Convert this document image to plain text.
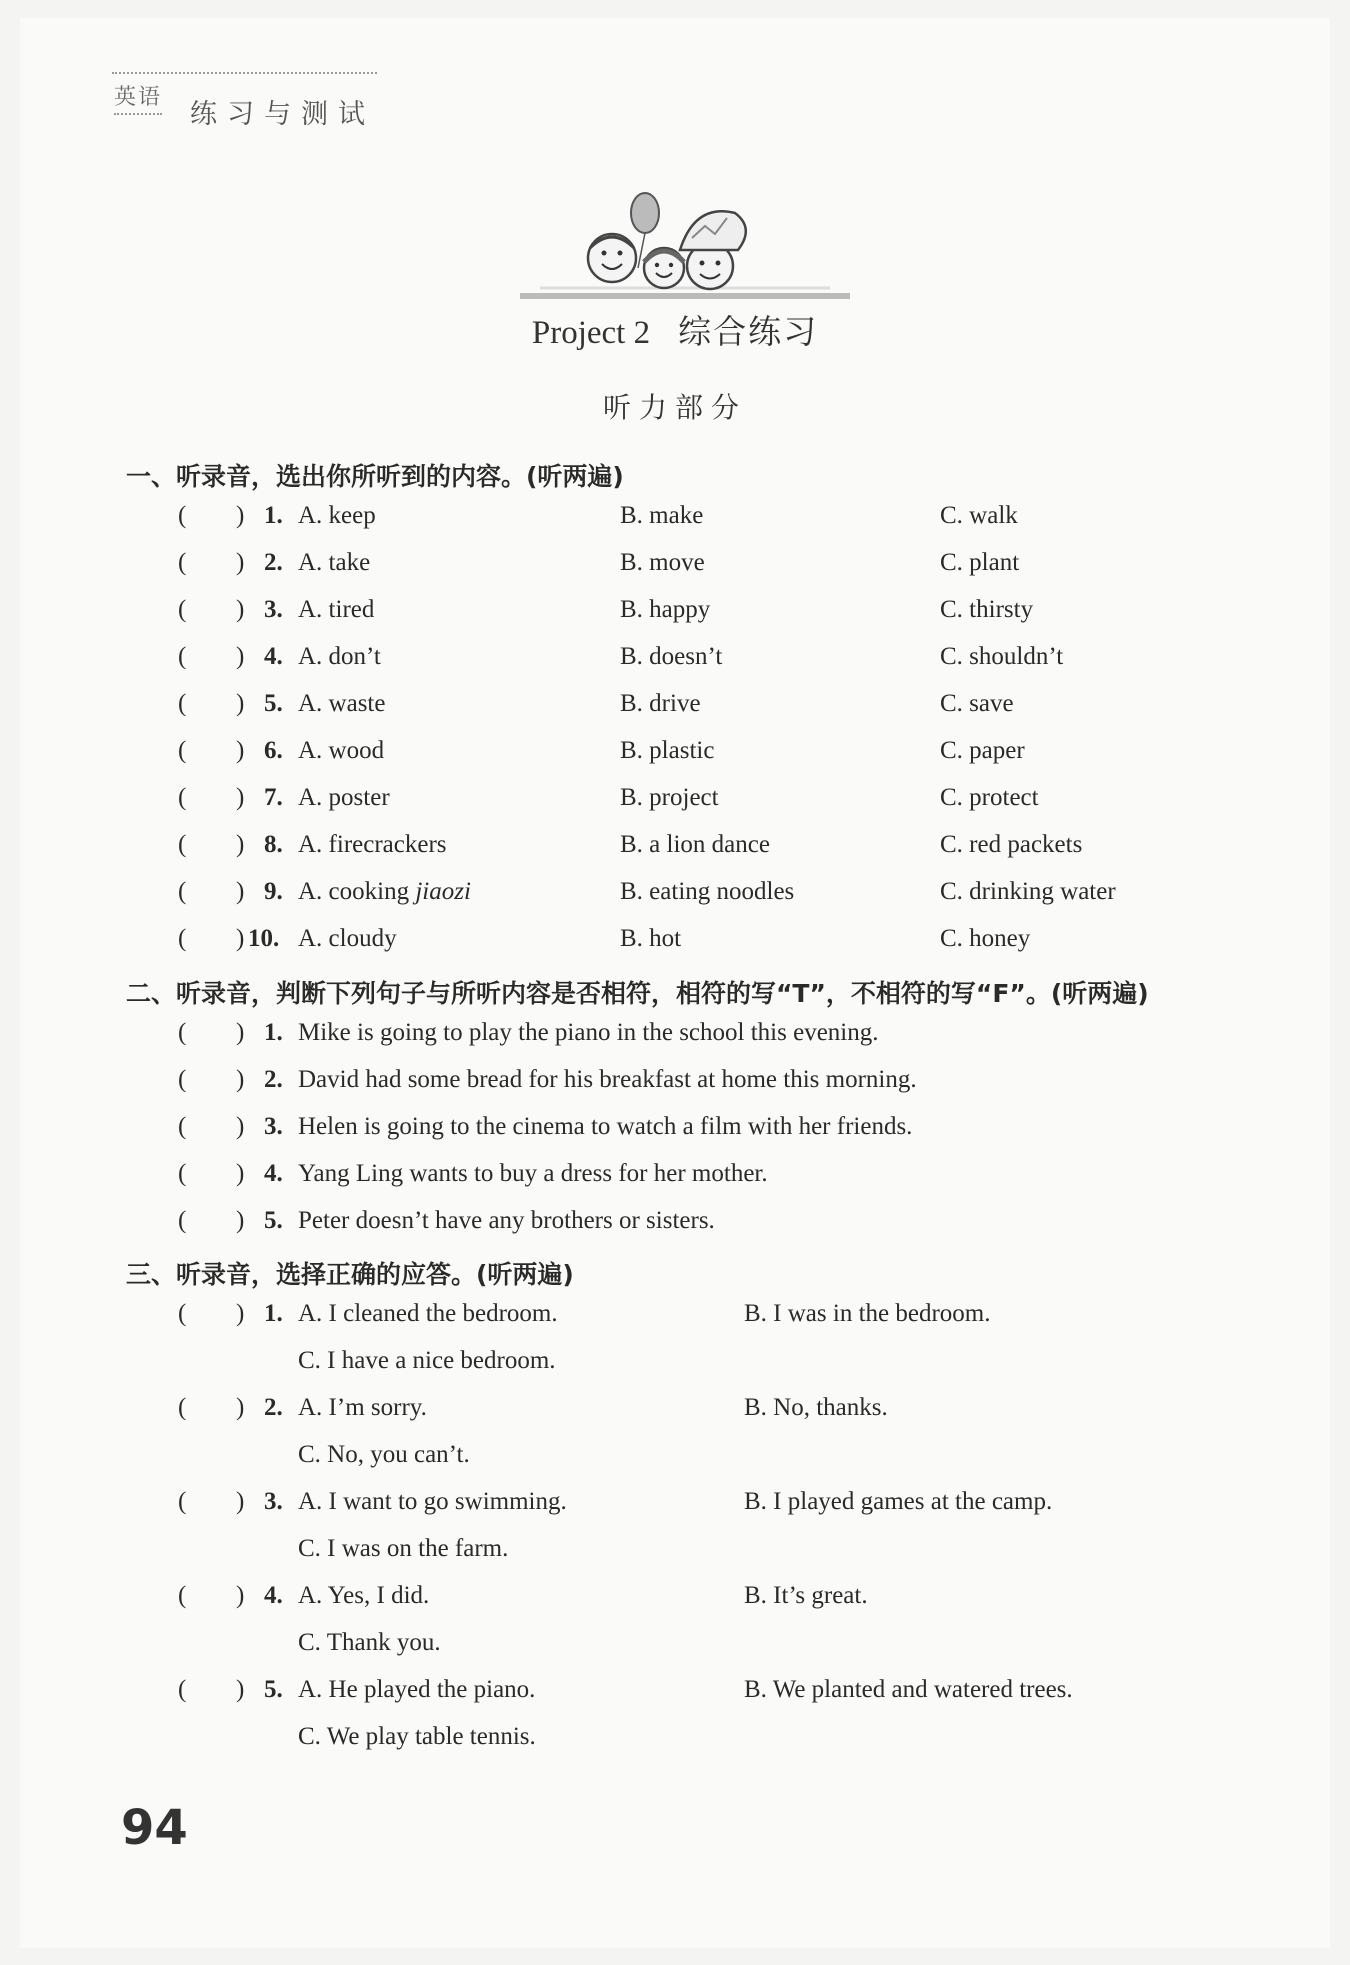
英语
练习与测试
Project 2 综合练习
听力部分
一、听录音，选出你所听到的内容。(听两遍)
( ) 1. A. keep	B. make	C. walk
( ) 2. A. take	B. move	C. plant
( ) 3. A. tired	B. happy	C. thirsty
( ) 4. A. don’t	B. doesn’t	C. shouldn’t
( ) 5. A. waste	B. drive	C. save
( ) 6. A. wood	B. plastic	C. paper
( ) 7. A. poster	B. project	C. protect
( ) 8. A. firecrackers	B. a lion dance	C. red packets
( ) 9. A. cooking jiaozi	B. eating noodles	C. drinking water
( ) 10. A. cloudy	B. hot	C. honey
二、听录音，判断下列句子与所听内容是否相符，相符的写“T”，不相符的写“F”。(听两遍)
( ) 1. Mike is going to play the piano in the school this evening.
( ) 2. David had some bread for his breakfast at home this morning.
( ) 3. Helen is going to the cinema to watch a film with her friends.
( ) 4. Yang Ling wants to buy a dress for her mother.
( ) 5. Peter doesn’t have any brothers or sisters.
三、听录音，选择正确的应答。(听两遍)
( ) 1. A. I cleaned the bedroom.	B. I was in the bedroom.
C. I have a nice bedroom.
( ) 2. A. I’m sorry.	B. No, thanks.
C. No, you can’t.
( ) 3. A. I want to go swimming.	B. I played games at the camp.
C. I was on the farm.
( ) 4. A. Yes, I did.	B. It’s great.
C. Thank you.
( ) 5. A. He played the piano.	B. We planted and watered trees.
C. We play table tennis.
94
